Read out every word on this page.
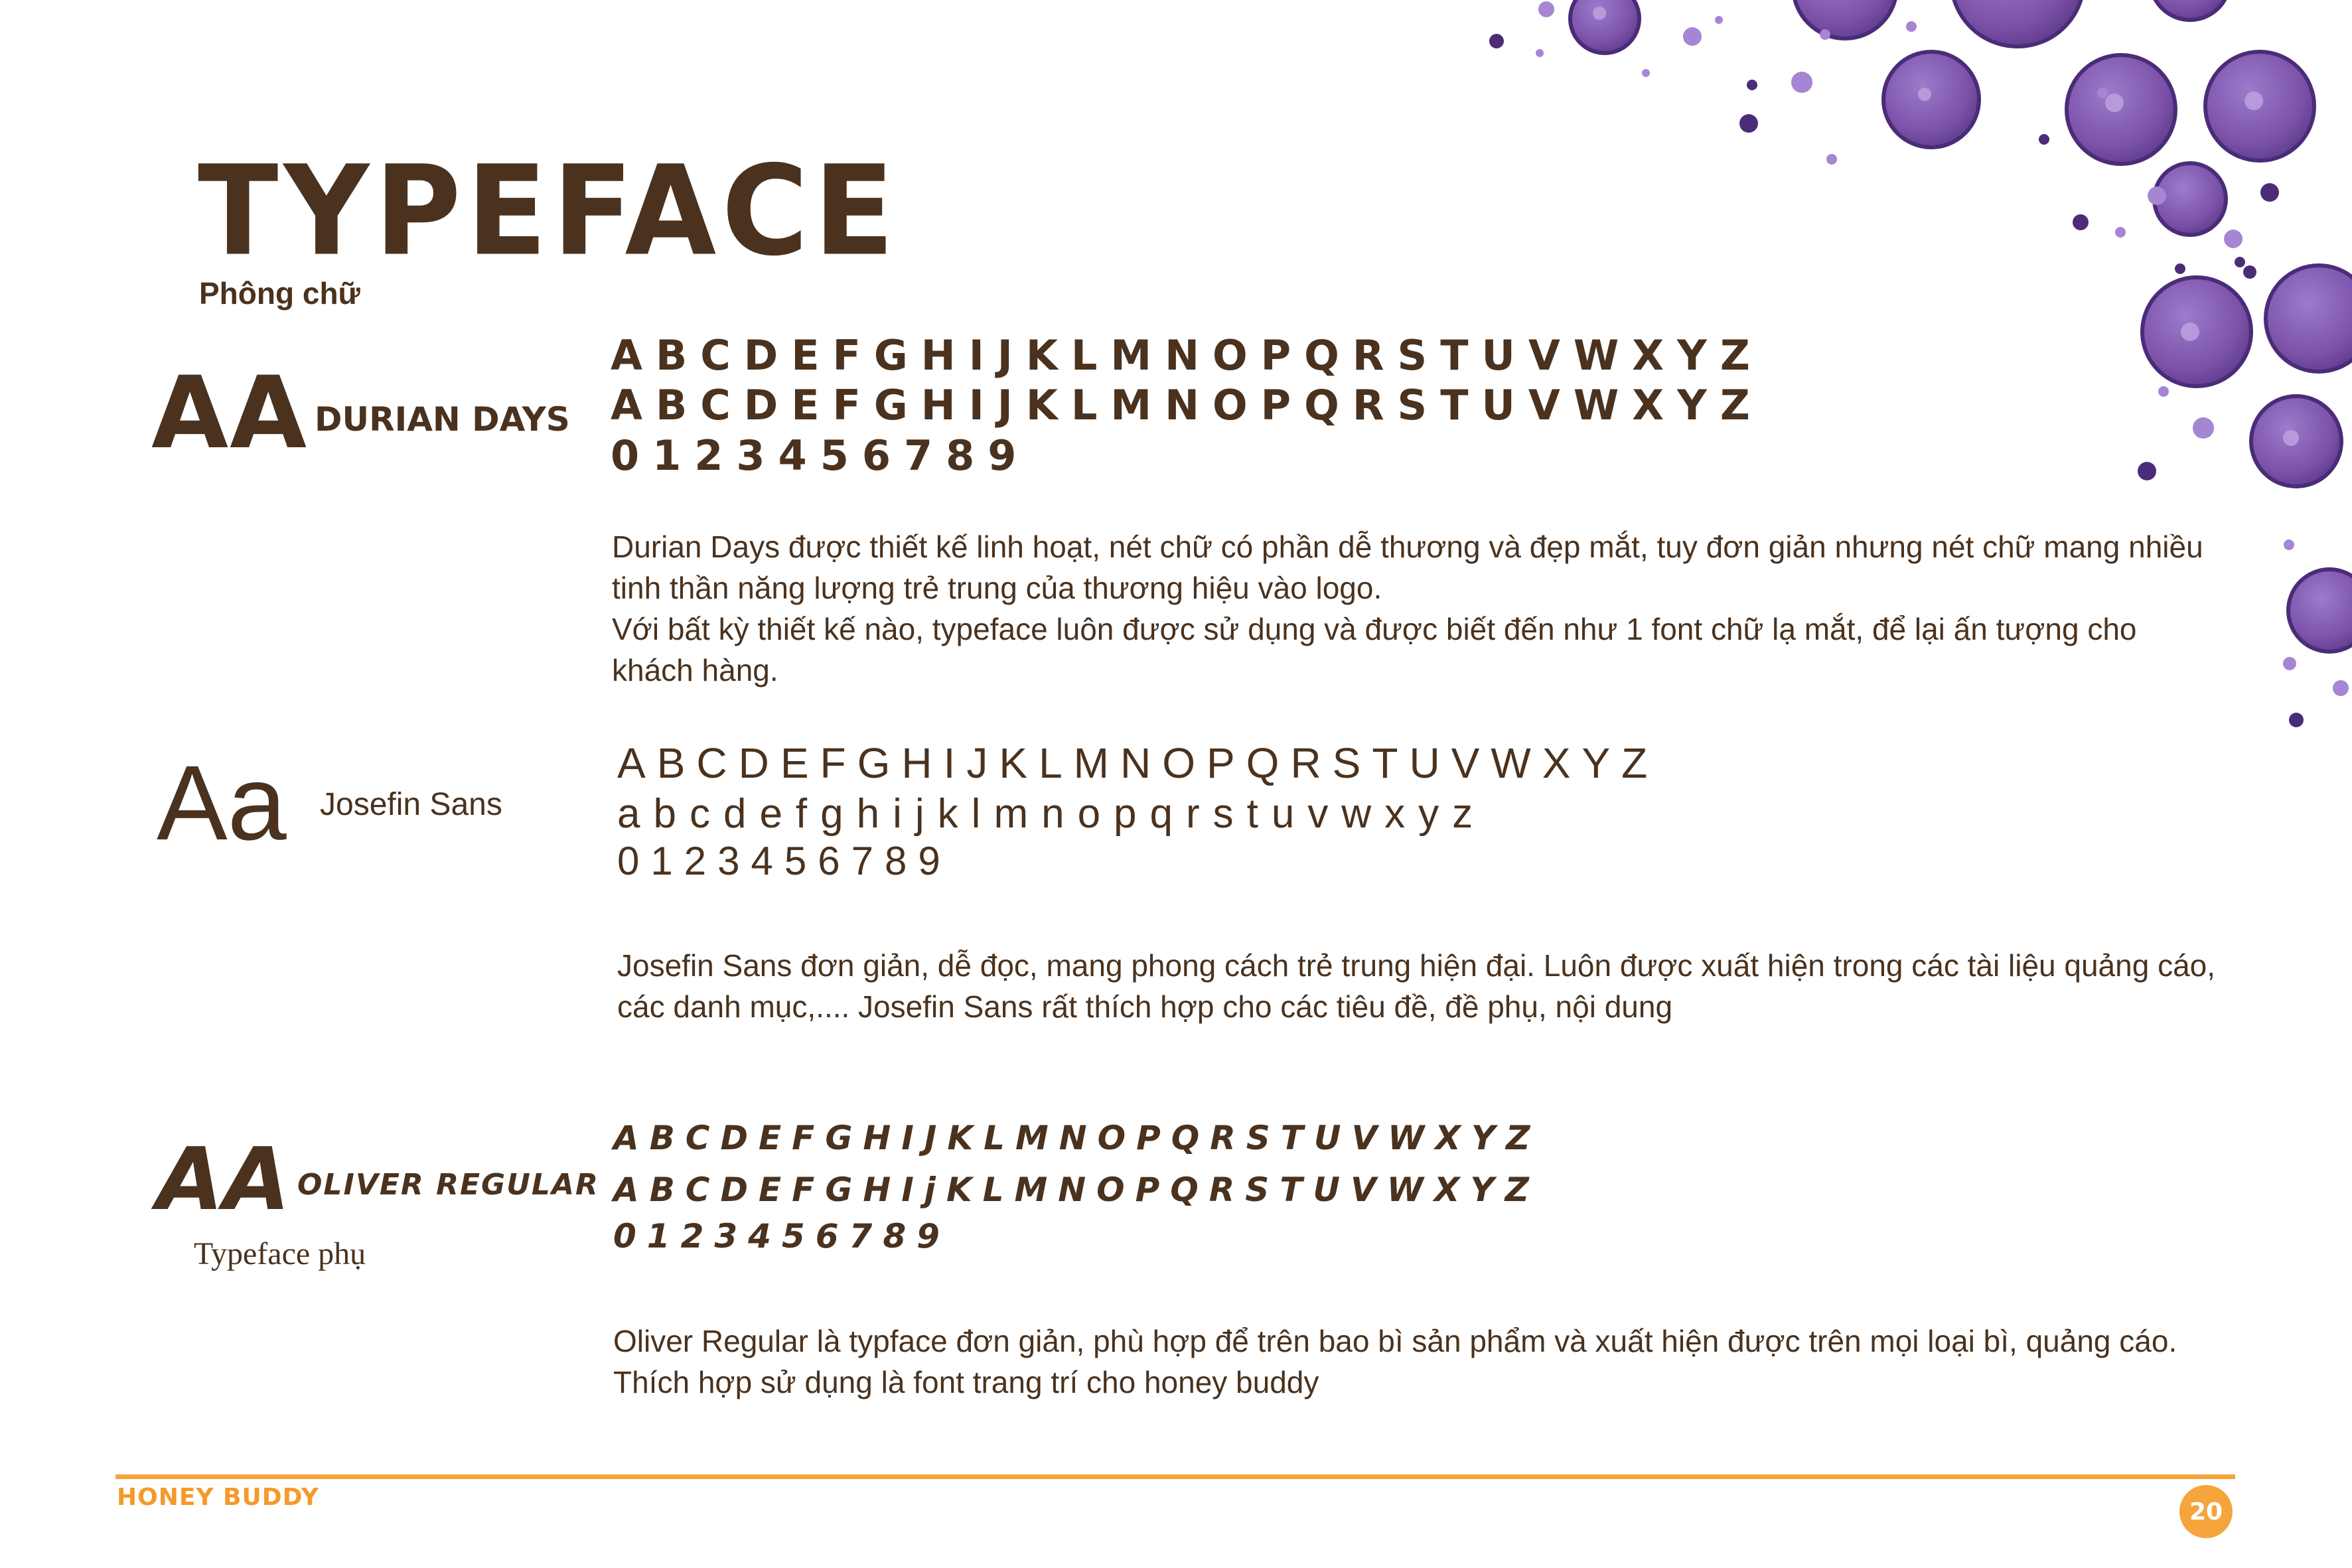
TYPEFACE
Phông chữ
AA DURIAN DAYS
ABCDEFGHIJKLMNOPQRSTUVWXYZ
ABCDEFGHIJKLMNOPQRSTUVWXYZ
0123456789

Durian Days được thiết kế linh hoạt, nét chữ có phần dễ thương và đẹp mắt, tuy đơn giản nhưng nét chữ mang nhiều tinh thần năng lượng trẻ trung của thương hiệu vào logo.

Với bất kỳ thiết kế nào, typeface luôn được sử dụng và được biết đến như 1 font chữ lạ mắt, để lại ấn tượng cho khách hàng.

Aa Josefin Sans
ABCDEFGHIJKLMNOPQRSTUVWXYZ
abcdefghijklmnopqrstuvwxyz
0123456789

Josefin Sans đơn giản, dễ đọc, mang phong cách trẻ trung hiện đại. Luôn được xuất hiện trong các tài liệu quảng cáo, các danh mục,.... Josefin Sans rất thích hợp cho các tiêu đề, đề phụ, nội dung

AA OLIVER REGULAR
Typeface phụ
ABCDEFGHIJKLMNOPQRSTUVWXYZ
ABCDEFGHIjKLMNOPQRSTUVWXYZ
0123456789

Oliver Regular là typface đơn giản, phù hợp để trên bao bì sản phẩm và xuất hiện được trên mọi loại bì, quảng cáo. Thích hợp sử dụng là font trang trí cho honey buddy

HONEY BUDDY
20
